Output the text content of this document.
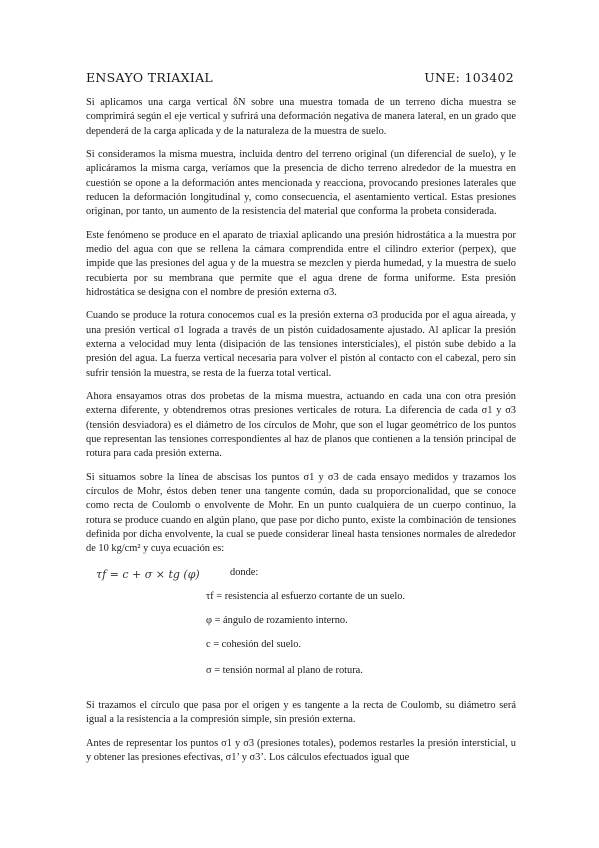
ENSAYO TRIAXIAL	UNE: 103402

Si aplicamos una carga vertical δN sobre una muestra tomada de un terreno dicha muestra se comprimirá según el eje vertical y sufrirá una deformación negativa de manera lateral, en un grado que dependerá de la carga aplicada y de la naturaleza de la muestra de suelo.

Si consideramos la misma muestra, incluida dentro del terreno original (un diferencial de suelo), y le aplicáramos la misma carga, veríamos que la presencia de dicho terreno alrededor de la muestra en cuestión se opone a la deformación antes mencionada y reacciona, provocando presiones laterales que reducen la deformación longitudinal y, como consecuencia, el asentamiento vertical. Estas presiones originan, por tanto, un aumento de la resistencia del material que conforma la probeta considerada.

Este fenómeno se produce en el aparato de triaxial aplicando una presión hidrostática a la muestra por medio del agua con que se rellena la cámara comprendida entre el cilindro exterior (perpex), que impide que las presiones del agua y de la muestra se mezclen y pierda humedad, y la muestra de suelo recubierta por su membrana que permite que el agua drene de forma uniforme. Esta presión hidrostática se designa con el nombre de presión externa σ3.

Cuando se produce la rotura conocemos cual es la presión externa σ3 producida por el agua aireada, y una presión vertical σ1 lograda a través de un pistón cuidadosamente ajustado. Al aplicar la presión externa a velocidad muy lenta (disipación de las tensiones intersticiales), el pistón sube debido a la presión del agua. La fuerza vertical necesaria para volver el pistón al contacto con el cabezal, pero sin sufrir tensión la muestra, se resta de la fuerza total vertical.

Ahora ensayamos otras dos probetas de la misma muestra, actuando en cada una con otra presión externa diferente, y obtendremos otras presiones verticales de rotura. La diferencia de cada σ1 y σ3 (tensión desviadora) es el diámetro de los círculos de Mohr, que son el lugar geométrico de los puntos que representan las tensiones correspondientes al haz de planos que contienen a la tensión principal de rotura para cada presión externa.

Si situamos sobre la línea de abscisas los puntos σ1 y σ3 de cada ensayo medidos y trazamos los círculos de Mohr, éstos deben tener una tangente común, dada su proporcionalidad, que se conoce como recta de Coulomb o envolvente de Mohr. En un punto cualquiera de un cuerpo continuo, la rotura se produce cuando en algún plano, que pase por dicho punto, existe la combinación de tensiones definida por dicha envolvente, la cual se puede considerar lineal hasta tensiones normales de alrededor de 10 kg/cm² y cuya ecuación es:

τf = c + σ × tg (φ)	donde:
τf = resistencia al esfuerzo cortante de un suelo.
φ = ángulo de rozamiento interno.
c = cohesión del suelo.
σ = tensión normal al plano de rotura.

Si trazamos el círculo que pasa por el origen y es tangente a la recta de Coulomb, su diámetro será igual a la resistencia a la compresión simple, sin presión externa.

Antes de representar los puntos σ1 y σ3 (presiones totales), podemos restarles la presión intersticial, u y obtener las presiones efectivas, σ1’ y σ3’. Los cálculos efectuados igual que
